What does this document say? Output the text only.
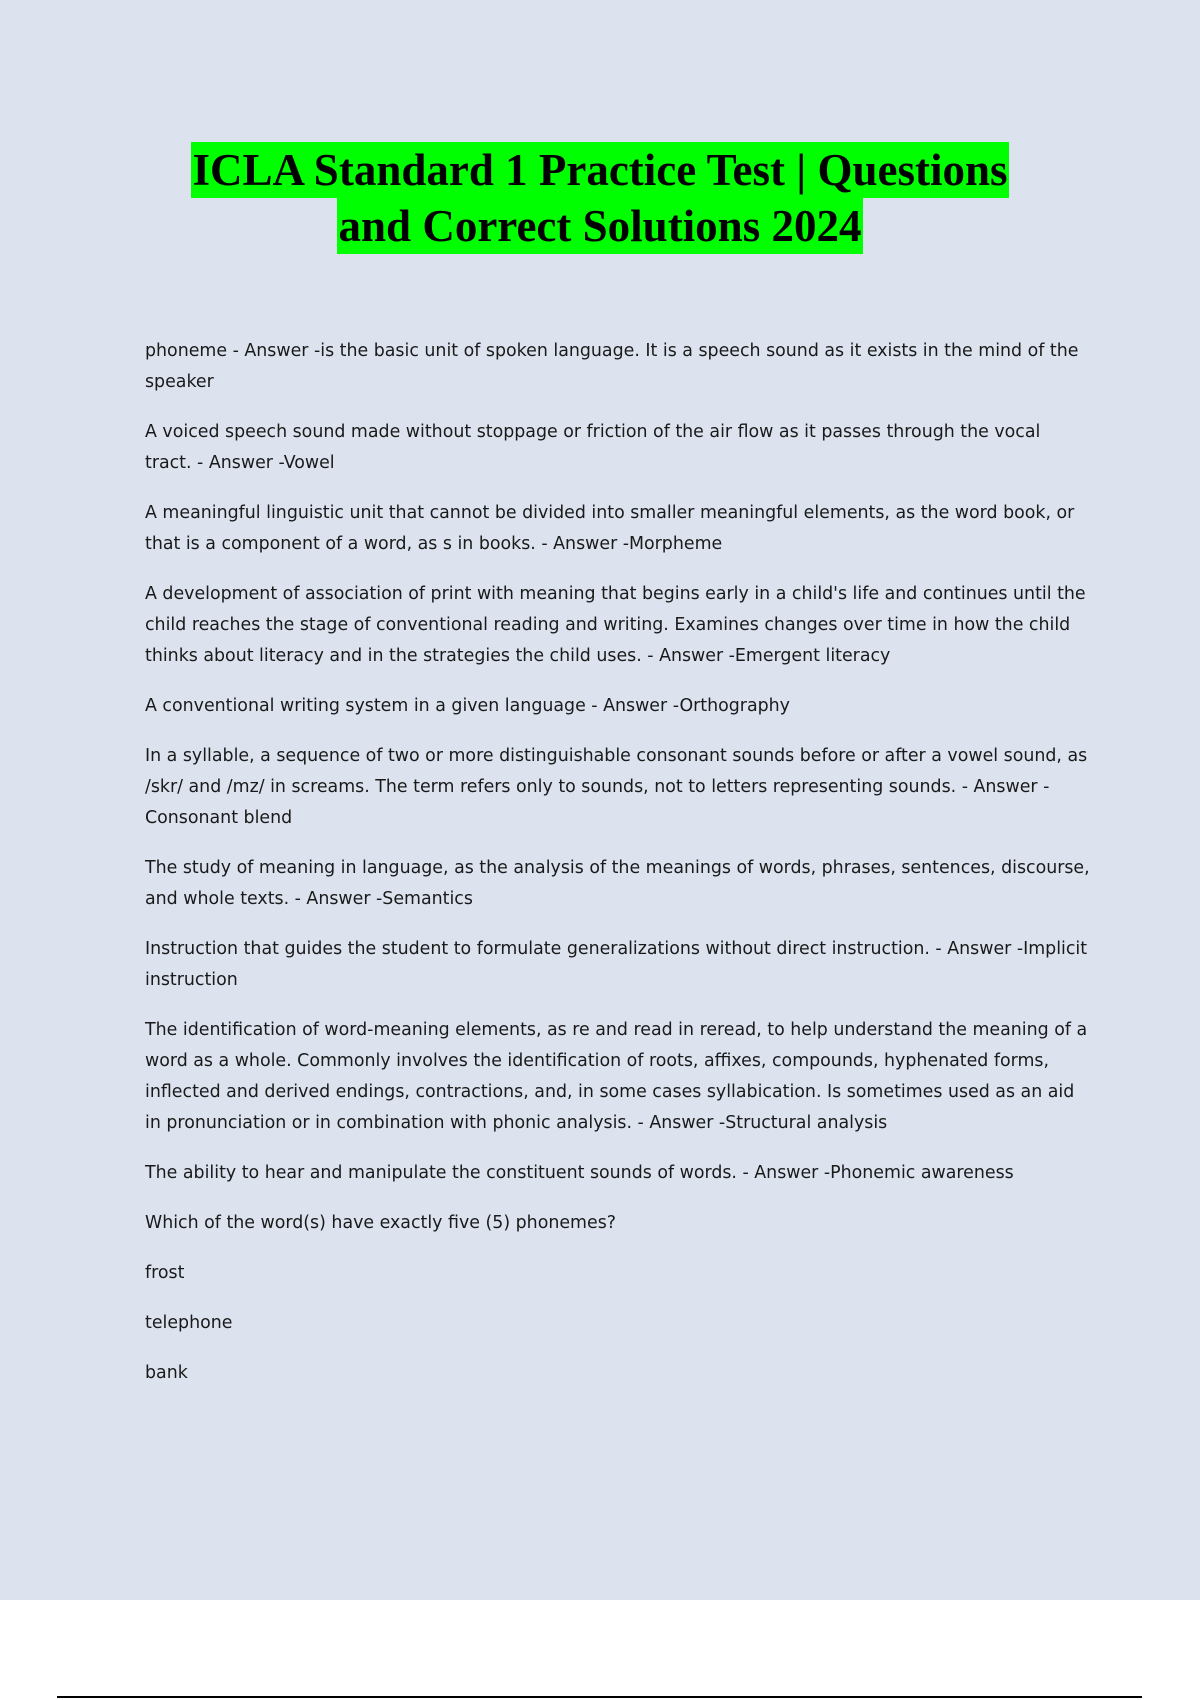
ICLA Standard 1 Practice Test | Questions
and Correct Solutions 2024

phoneme - Answer -is the basic unit of spoken language. It is a speech sound as it exists in the mind of the speaker

A voiced speech sound made without stoppage or friction of the air flow as it passes through the vocal tract. - Answer -Vowel

A meaningful linguistic unit that cannot be divided into smaller meaningful elements, as the word book, or that is a component of a word, as s in books. - Answer -Morpheme

A development of association of print with meaning that begins early in a child's life and continues until the child reaches the stage of conventional reading and writing. Examines changes over time in how the child thinks about literacy and in the strategies the child uses. - Answer -Emergent literacy

A conventional writing system in a given language - Answer -Orthography

In a syllable, a sequence of two or more distinguishable consonant sounds before or after a vowel sound, as /skr/ and /mz/ in screams. The term refers only to sounds, not to letters representing sounds. - Answer -Consonant blend

The study of meaning in language, as the analysis of the meanings of words, phrases, sentences, discourse, and whole texts. - Answer -Semantics

Instruction that guides the student to formulate generalizations without direct instruction. - Answer -Implicit instruction

The identification of word-meaning elements, as re and read in reread, to help understand the meaning of a word as a whole. Commonly involves the identification of roots, affixes, compounds, hyphenated forms, inflected and derived endings, contractions, and, in some cases syllabication. Is sometimes used as an aid in pronunciation or in combination with phonic analysis. - Answer -Structural analysis

The ability to hear and manipulate the constituent sounds of words. - Answer -Phonemic awareness

Which of the word(s) have exactly five (5) phonemes?

frost

telephone

bank
